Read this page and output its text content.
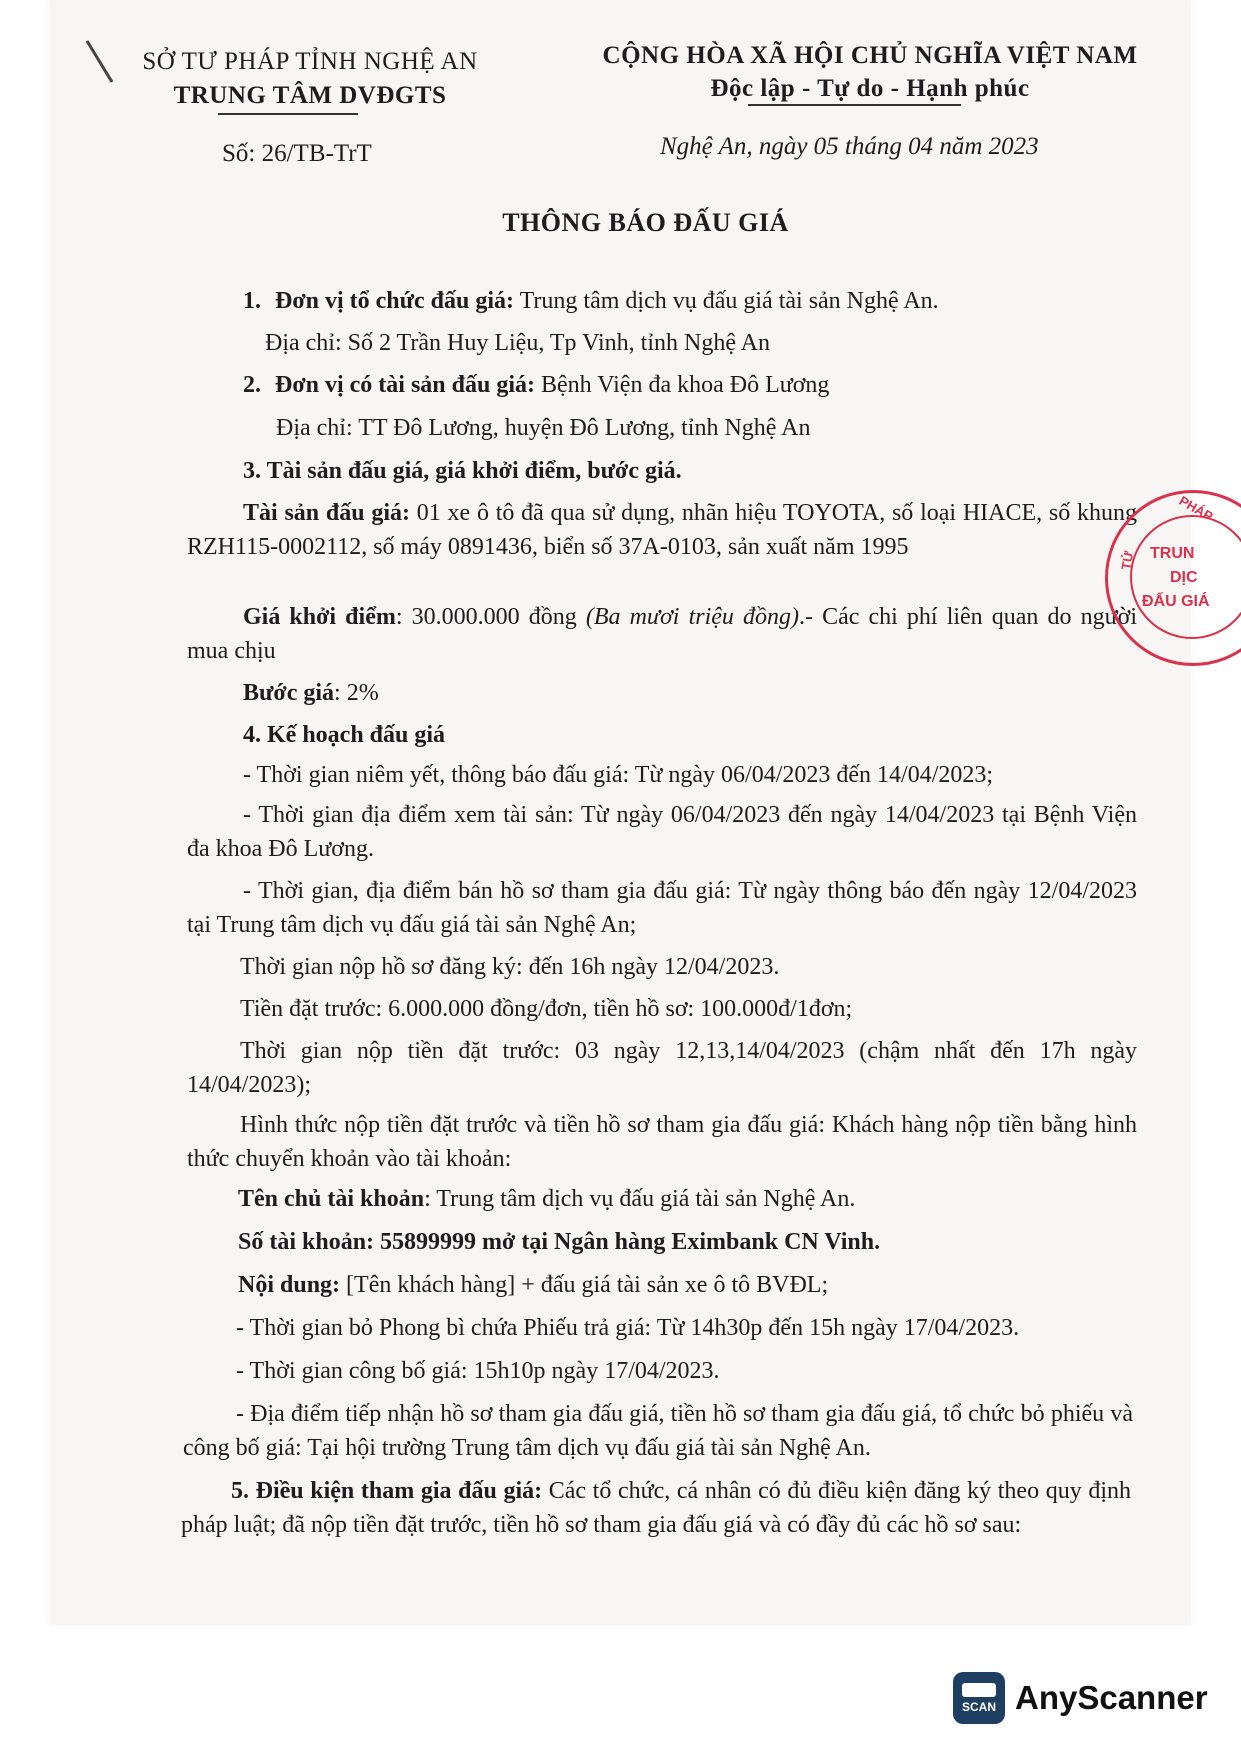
SỞ TƯ PHÁP TỈNH NGHỆ AN
TRUNG TÂM DVĐGTS
Số: 26/TB-TrT
CỘNG HÒA XÃ HỘI CHỦ NGHĨA VIỆT NAM
Độc lập - Tự do - Hạnh phúc
Nghệ An, ngày 05 tháng 04 năm 2023
THÔNG BÁO ĐẤU GIÁ
1. Đơn vị tổ chức đấu giá: Trung tâm dịch vụ đấu giá tài sản Nghệ An.
Địa chỉ: Số 2 Trần Huy Liệu, Tp Vinh, tỉnh Nghệ An
2. Đơn vị có tài sản đấu giá: Bệnh Viện đa khoa Đô Lương
Địa chỉ: TT Đô Lương, huyện Đô Lương, tỉnh Nghệ An
3. Tài sản đấu giá, giá khởi điểm, bước giá.
Tài sản đấu giá: 01 xe ô tô đã qua sử dụng, nhãn hiệu TOYOTA, số loại HIACE, số khung RZH115-0002112, số máy 0891436, biển số 37A-0103, sản xuất năm 1995
Giá khởi điểm: 30.000.000 đồng (Ba mươi triệu đồng).- Các chi phí liên quan do người mua chịu
Bước giá: 2%
4. Kế hoạch đấu giá
- Thời gian niêm yết, thông báo đấu giá: Từ ngày 06/04/2023 đến 14/04/2023;
- Thời gian địa điểm xem tài sản: Từ ngày 06/04/2023 đến ngày 14/04/2023 tại Bệnh Viện đa khoa Đô Lương.
- Thời gian, địa điểm bán hồ sơ tham gia đấu giá: Từ ngày thông báo đến ngày 12/04/2023 tại Trung tâm dịch vụ đấu giá tài sản Nghệ An;
Thời gian nộp hồ sơ đăng ký: đến 16h ngày 12/04/2023.
Tiền đặt trước: 6.000.000 đồng/đơn, tiền hồ sơ: 100.000đ/1đơn;
Thời gian nộp tiền đặt trước: 03 ngày 12,13,14/04/2023 (chậm nhất đến 17h ngày 14/04/2023);
Hình thức nộp tiền đặt trước và tiền hồ sơ tham gia đấu giá: Khách hàng nộp tiền bằng hình thức chuyển khoản vào tài khoản:
Tên chủ tài khoản: Trung tâm dịch vụ đấu giá tài sản Nghệ An.
Số tài khoản: 55899999 mở tại Ngân hàng Eximbank CN Vinh.
Nội dung: [Tên khách hàng] + đấu giá tài sản xe ô tô BVĐL;
- Thời gian bỏ Phong bì chứa Phiếu trả giá: Từ 14h30p đến 15h ngày 17/04/2023.
- Thời gian công bố giá: 15h10p ngày 17/04/2023.
- Địa điểm tiếp nhận hồ sơ tham gia đấu giá, tiền hồ sơ tham gia đấu giá, tổ chức bỏ phiếu và công bố giá: Tại hội trường Trung tâm dịch vụ đấu giá tài sản Nghệ An.
5. Điều kiện tham gia đấu giá: Các tổ chức, cá nhân có đủ điều kiện đăng ký theo quy định pháp luật; đã nộp tiền đặt trước, tiền hồ sơ tham gia đấu giá và có đầy đủ các hồ sơ sau:
PHÁP
TỬ TRUN
DỊC
ĐẤU GIÁ
SCAN AnyScanner
